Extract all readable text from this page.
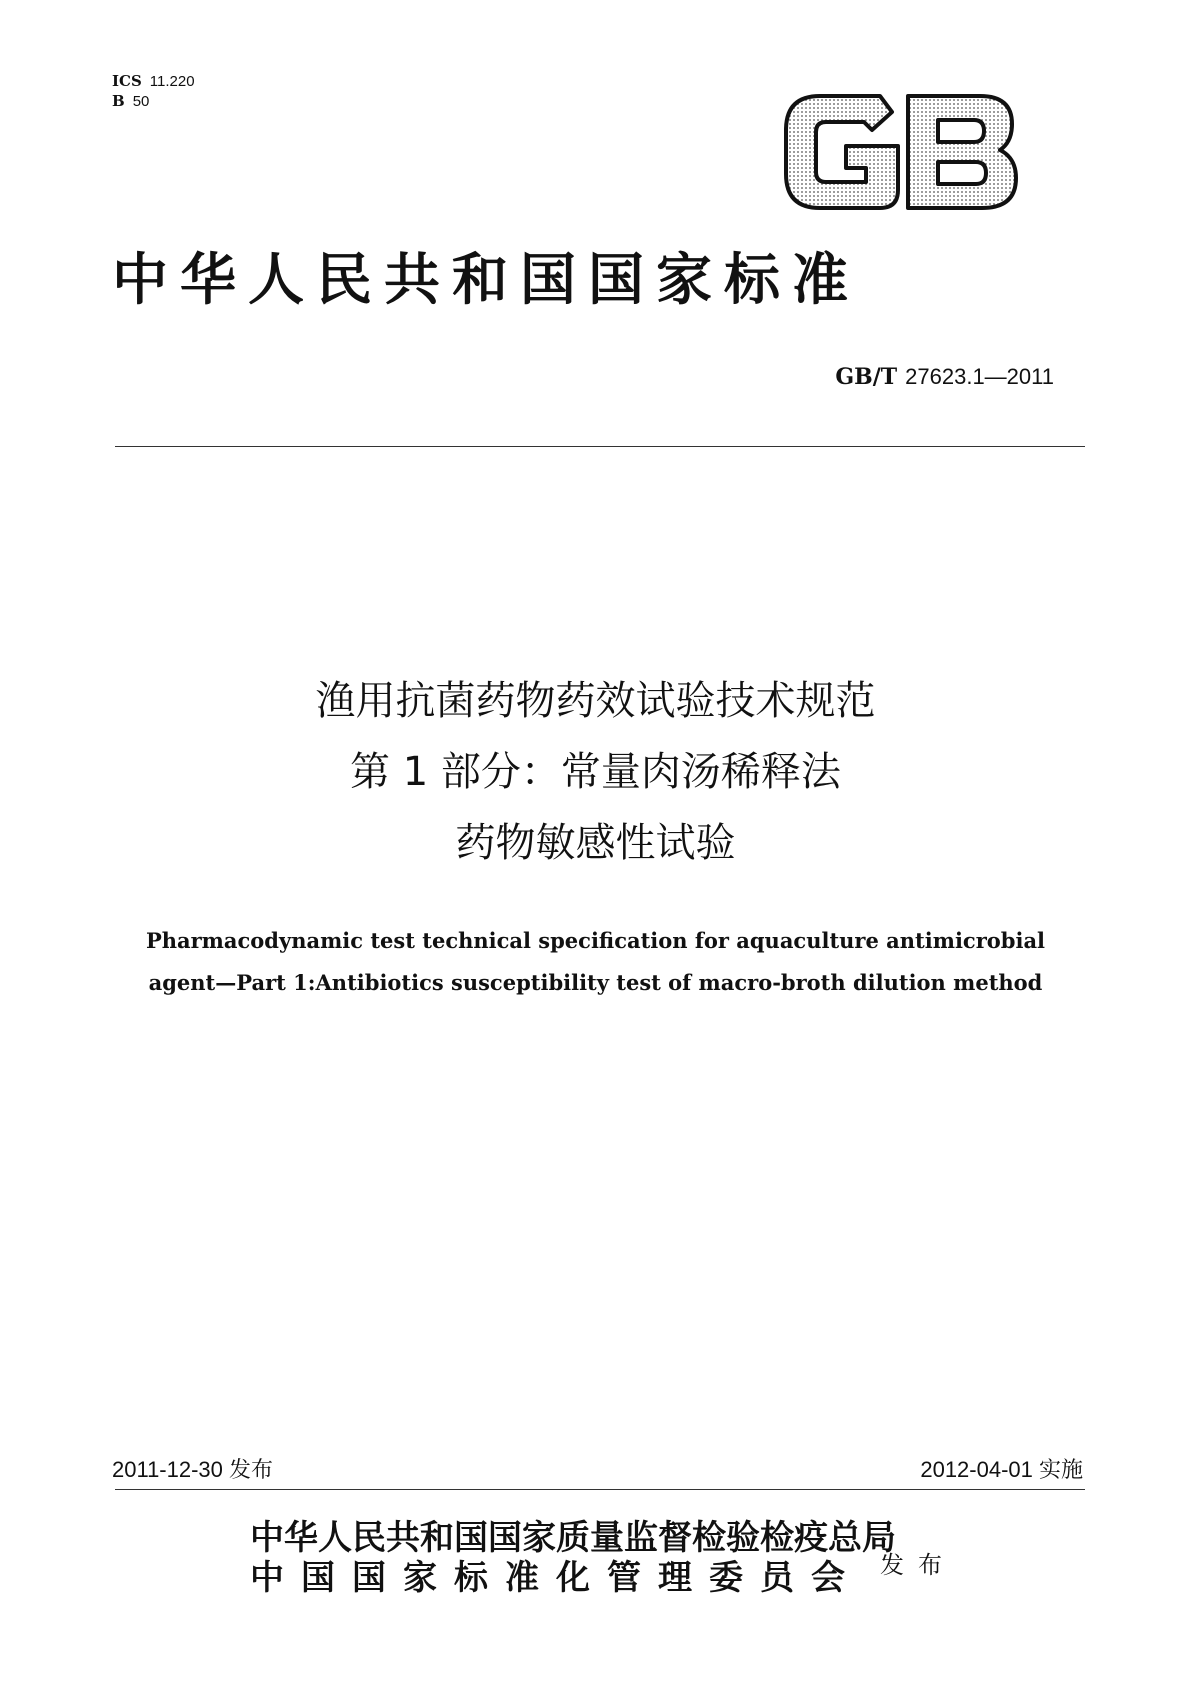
ICS 11.220
B 50
中华人民共和国国家标准
GB/T 27623.1—2011
渔用抗菌药物药效试验技术规范
第 1 部分：常量肉汤稀释法
药物敏感性试验
Pharmacodynamic test technical specification for aquaculture antimicrobial
agent—Part 1:Antibiotics susceptibility test of macro-broth dilution method
2011-12-30 发布	2012-04-01 实施
中华人民共和国国家质量监督检验检疫总局
中国国家标准化管理委员会 发布
